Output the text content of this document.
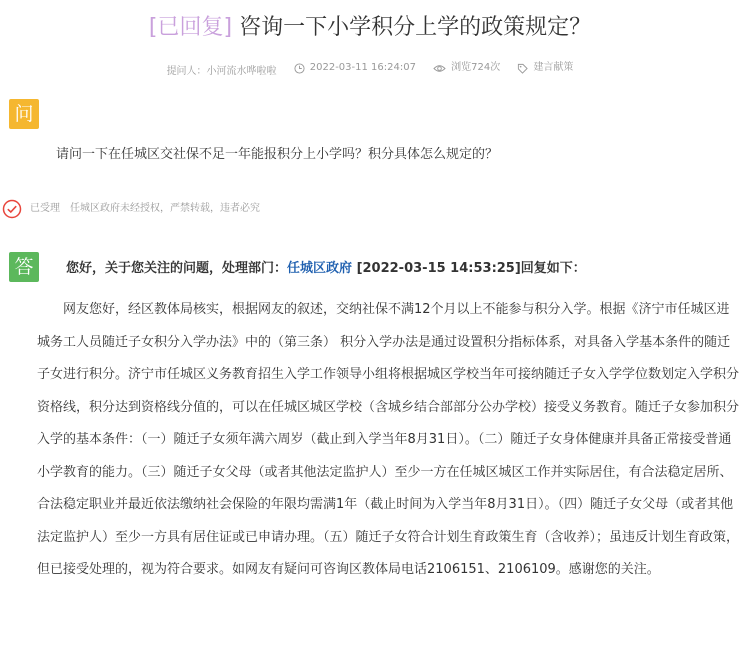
[已回复] 咨询一下小学积分上学的政策规定？
提问人：小河流水哗啦啦
	2022-03-11 16:24:07
	浏览724次
	建言献策
问
请问一下在任城区交社保不足一年能报积分上小学吗？积分具体怎么规定的？
已受理 任城区政府未经授权，严禁转载，违者必究
答	您好，关于您关注的问题，处理部门：任城区政府 [2022-03-15 14:53:25]回复如下：

网友您好，经区教体局核实，根据网友的叙述，交纳社保不满12个月以上不能参与积分入学。根据《济宁市任城区进城务工人员随迁子女积分入学办法》中的（第三条） 积分入学办法是通过设置积分指标体系，对具备入学基本条件的随迁子女进行积分。济宁市任城区义务教育招生入学工作领导小组将根据城区学校当年可接纳随迁子女入学学位数划定入学积分资格线，积分达到资格线分值的，可以在任城区城区学校（含城乡结合部部分公办学校）接受义务教育。随迁子女参加积分入学的基本条件：（一）随迁子女须年满六周岁（截止到入学当年8月31日）。（二）随迁子女身体健康并具备正常接受普通小学教育的能力。（三）随迁子女父母（或者其他法定监护人）至少一方在任城区城区工作并实际居住，有合法稳定居所、合法稳定职业并最近依法缴纳社会保险的年限均需满1年（截止时间为入学当年8月31日）。（四）随迁子女父母（或者其他法定监护人）至少一方具有居住证或已申请办理。（五）随迁子女符合计划生育政策生育（含收养）；虽违反计划生育政策，但已接受处理的，视为符合要求。如网友有疑问可咨询区教体局电话2106151、2106109。感谢您的关注。
